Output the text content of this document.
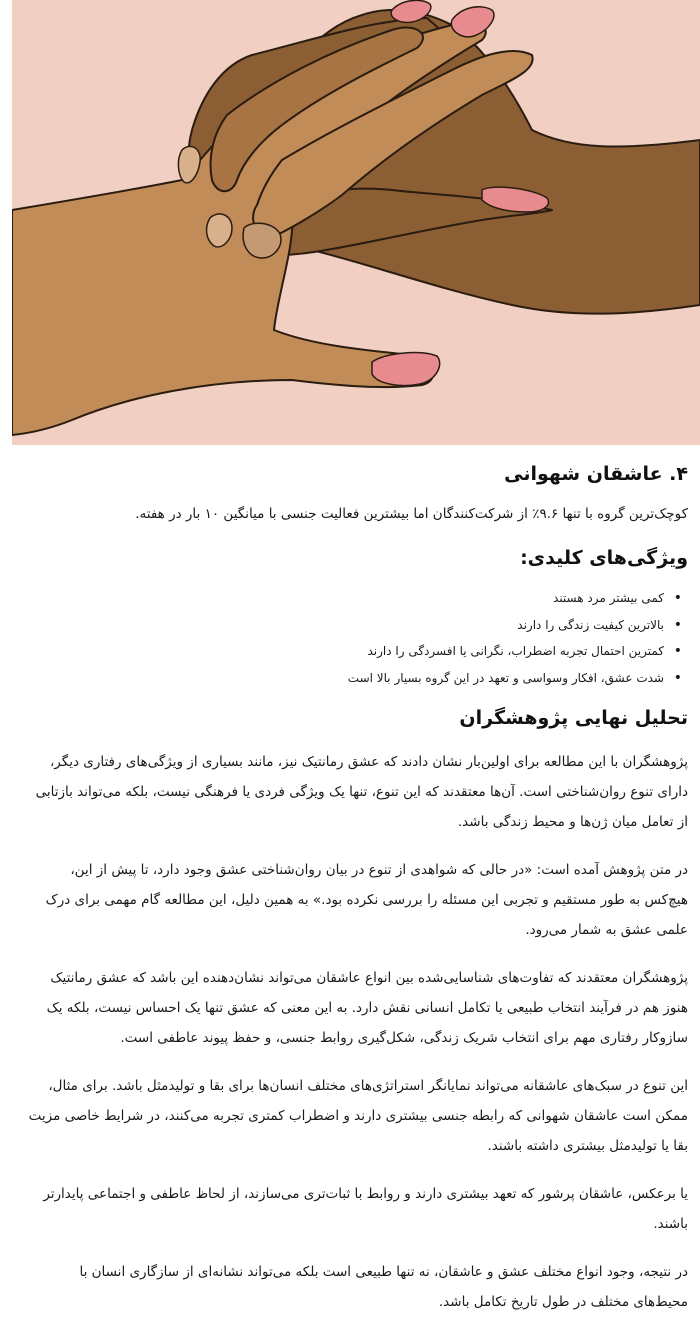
۴. عاشقان شهوانی

کوچک‌ترین گروه با تنها ۹.۶٪ از شرکت‌کنندگان اما بیشترین فعالیت جنسی با میانگین ۱۰ بار در هفته.

ویژگی‌های کلیدی:
• کمی بیشتر مرد هستند
• بالاترین کیفیت زندگی را دارند
• کمترین احتمال تجربه اضطراب، نگرانی یا افسردگی را دارند
• شدت عشق، افکار وسواسی و تعهد در این گروه بسیار بالا است
تحلیل نهایی پژوهشگران

پژوهشگران با این مطالعه برای اولین‌بار نشان دادند که عشق رمانتیک نیز، مانند بسیاری از ویژگی‌های رفتاری دیگر، دارای تنوع روان‌شناختی است. آن‌ها معتقدند که این تنوع، تنها یک ویژگی فردی یا فرهنگی نیست، بلکه می‌تواند بازتابی از تعامل میان ژن‌ها و محیط زندگی باشد.

در متن پژوهش آمده است: «در حالی که شواهدی از تنوع در بیان روان‌شناختی عشق وجود دارد، تا پیش از این، هیچ‌کس به طور مستقیم و تجربی این مسئله را بررسی نکرده بود.» به همین دلیل، این مطالعه گام مهمی برای درک علمی عشق به شمار می‌رود.

پژوهشگران معتقدند که تفاوت‌های شناسایی‌شده بین انواع عاشقان می‌تواند نشان‌دهنده این باشد که عشق رمانتیک هنوز هم در فرآیند انتخاب طبیعی یا تکامل انسانی نقش دارد. به این معنی که عشق تنها یک احساس نیست، بلکه یک سازوکار رفتاری مهم برای انتخاب شریک زندگی، شکل‌گیری روابط جنسی، و حفظ پیوند عاطفی است.

این تنوع در سبک‌های عاشقانه می‌تواند نمایانگر استراتژی‌های مختلف انسان‌ها برای بقا و تولیدمثل باشد. برای مثال، ممکن است عاشقان شهوانی که رابطه جنسی بیشتری دارند و اضطراب کمتری تجربه می‌کنند، در شرایط خاصی مزیت بقا یا تولیدمثل بیشتری داشته باشند.

یا برعکس، عاشقان پرشور که تعهد بیشتری دارند و روابط با ثبات‌تری می‌سازند، از لحاظ عاطفی و اجتماعی پایدارتر باشند.

در نتیجه، وجود انواع مختلف عشق و عاشقان، نه تنها طبیعی است بلکه می‌تواند نشانه‌ای از سازگاری انسان با محیط‌های مختلف در طول تاریخ تکامل باشد.
